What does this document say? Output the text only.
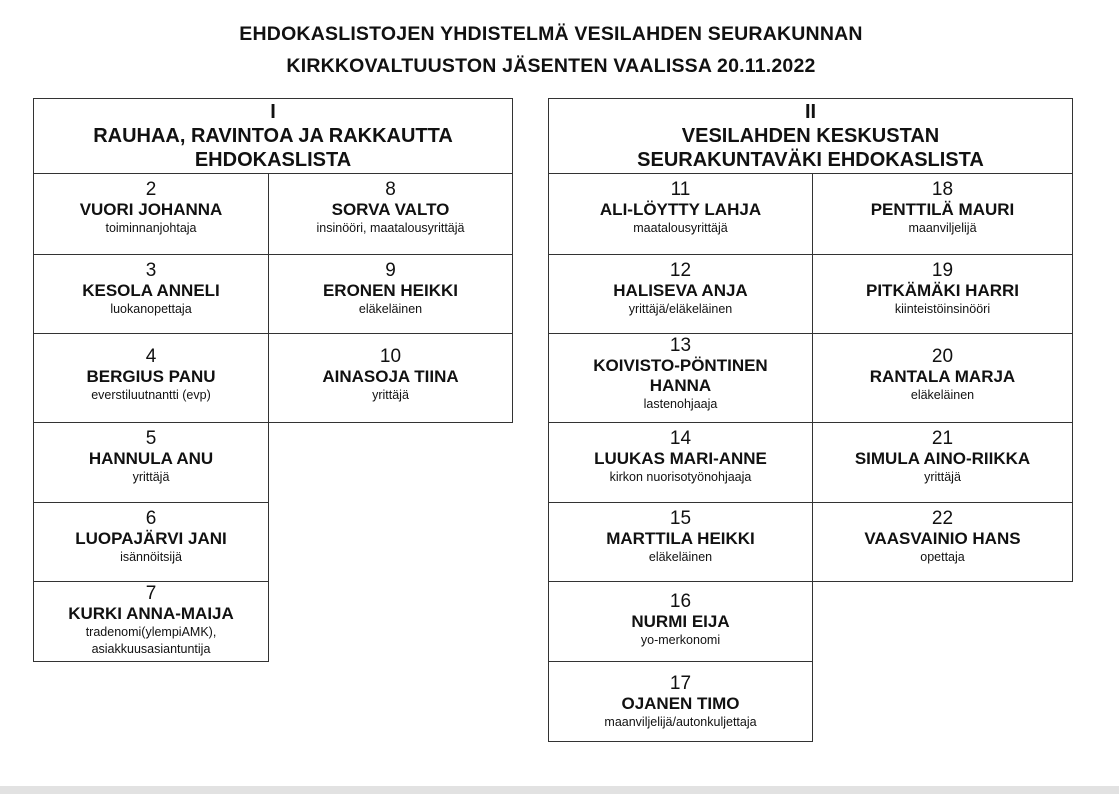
EHDOKASLISTOJEN YHDISTELMÄ VESILAHDEN SEURAKUNNAN
KIRKKOVALTUUSTON JÄSENTEN VAALISSA 20.11.2022
I
RAUHAA, RAVINTOA JA RAKKAUTTA
EHDOKASLISTA
2
VUORI JOHANNA
toiminnanjohtaja
8
SORVA VALTO
insinööri, maatalousyrittäjä
3
KESOLA ANNELI
luokanopettaja
9
ERONEN HEIKKI
eläkeläinen
4
BERGIUS PANU
everstiluutnantti (evp)
10
AINASOJA TIINA
yrittäjä
5
HANNULA ANU
yrittäjä
6
LUOPAJÄRVI JANI
isännöitsijä
7
KURKI ANNA-MAIJA
tradenomi(ylempiAMK),
asiakkuusasiantuntija
II
VESILAHDEN KESKUSTAN
SEURAKUNTAVÄKI EHDOKASLISTA
11
ALI-LÖYTTY LAHJA
maatalousyrittäjä
18
PENTTILÄ MAURI
maanviljelijä
12
HALISEVA ANJA
yrittäjä/eläkeläinen
19
PITKÄMÄKI HARRI
kiinteistöinsinööri
13
KOIVISTO-PÖNTINEN
HANNA
lastenohjaaja
20
RANTALA MARJA
eläkeläinen
14
LUUKAS MARI-ANNE
kirkon nuorisotyönohjaaja
21
SIMULA AINO-RIIKKA
yrittäjä
15
MARTTILA HEIKKI
eläkeläinen
22
VAASVAINIO HANS
opettaja
16
NURMI EIJA
yo-merkonomi
17
OJANEN TIMO
maanviljelijä/autonkuljettaja
